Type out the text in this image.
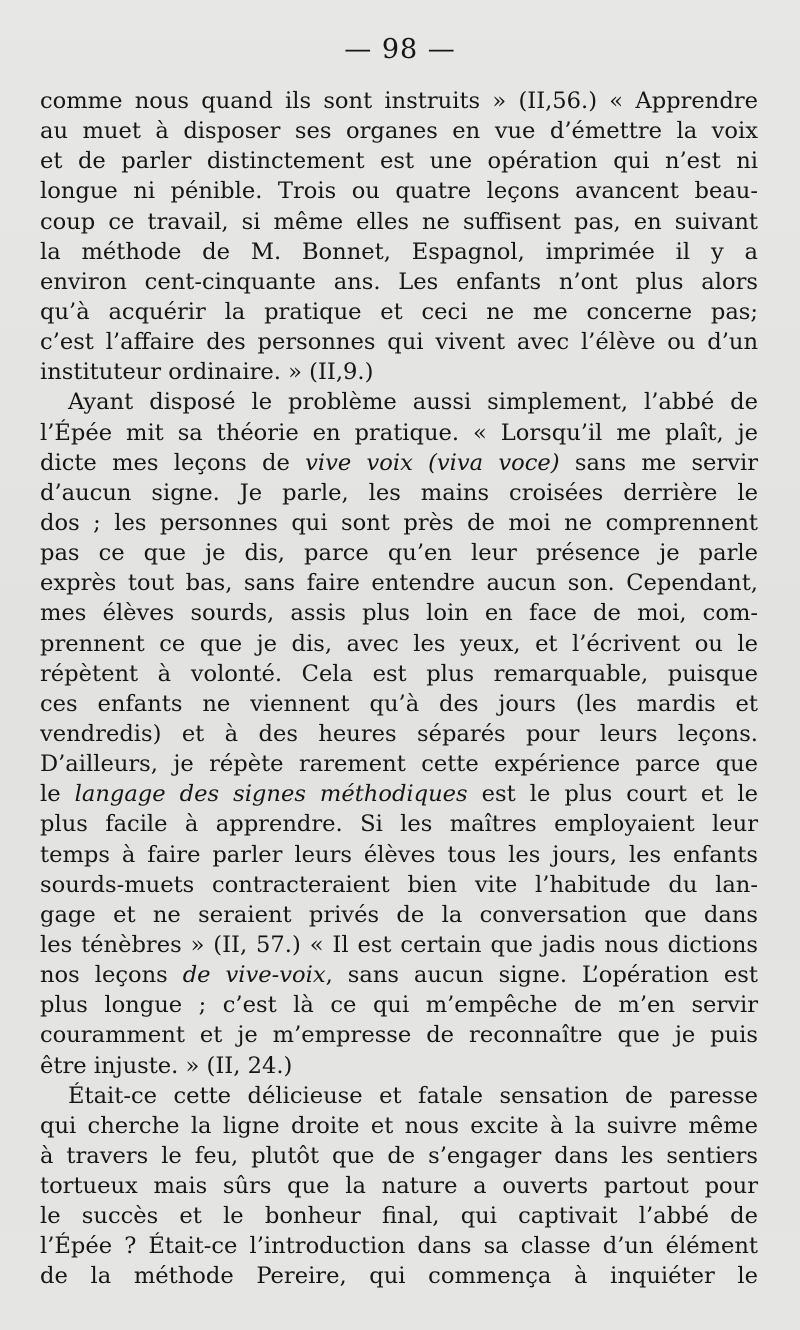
— 98 —
comme nous quand ils sont instruits » (II,56.) « Apprendre
au muet à disposer ses organes en vue d’émettre la voix
et de parler distinctement est une opération qui n’est ni
longue ni pénible. Trois ou quatre leçons avancent beau-
coup ce travail, si même elles ne suffisent pas, en suivant
la méthode de M. Bonnet, Espagnol, imprimée il y a
environ cent-cinquante ans. Les enfants n’ont plus alors
qu’à acquérir la pratique et ceci ne me concerne pas;
c’est l’affaire des personnes qui vivent avec l’élève ou d’un
instituteur ordinaire. » (II,9.)
Ayant disposé le problème aussi simplement, l’abbé de
l’Épée mit sa théorie en pratique. « Lorsqu’il me plaît, je
dicte mes leçons de vive voix (viva voce) sans me servir
d’aucun signe. Je parle, les mains croisées derrière le
dos ; les personnes qui sont près de moi ne comprennent
pas ce que je dis, parce qu’en leur présence je parle
exprès tout bas, sans faire entendre aucun son. Cependant,
mes élèves sourds, assis plus loin en face de moi, com-
prennent ce que je dis, avec les yeux, et l’écrivent ou le
répètent à volonté. Cela est plus remarquable, puisque
ces enfants ne viennent qu’à des jours (les mardis et
vendredis) et à des heures séparés pour leurs leçons.
D’ailleurs, je répète rarement cette expérience parce que
le langage des signes méthodiques est le plus court et le
plus facile à apprendre. Si les maîtres employaient leur
temps à faire parler leurs élèves tous les jours, les enfants
sourds-muets contracteraient bien vite l’habitude du lan-
gage et ne seraient privés de la conversation que dans
les ténèbres » (II, 57.) « Il est certain que jadis nous dictions
nos leçons de vive-voix, sans aucun signe. L’opération est
plus longue ; c’est là ce qui m’empêche de m’en servir
couramment et je m’empresse de reconnaître que je puis
être injuste. » (II, 24.)
Était-ce cette délicieuse et fatale sensation de paresse
qui cherche la ligne droite et nous excite à la suivre même
à travers le feu, plutôt que de s’engager dans les sentiers
tortueux mais sûrs que la nature a ouverts partout pour
le succès et le bonheur final, qui captivait l’abbé de
l’Épée ? Était-ce l’introduction dans sa classe d’un élément
de la méthode Pereire, qui commença à inquiéter le
